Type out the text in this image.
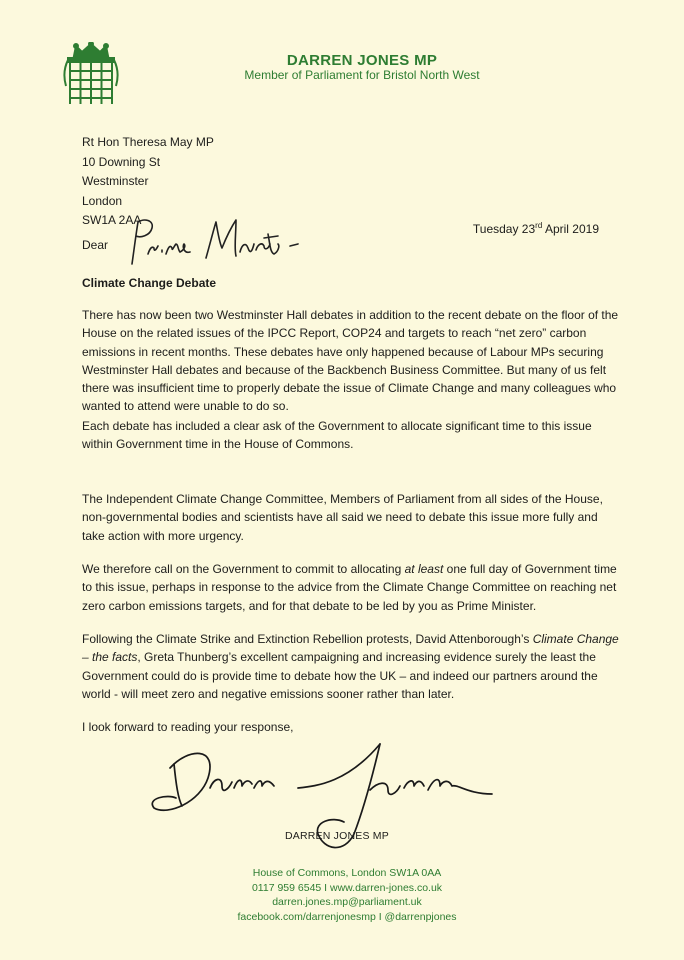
DARREN JONES MP
Member of Parliament for Bristol North West
Rt Hon Theresa May MP
10 Downing St
Westminster
London
SW1A 2AA
Tuesday 23rd April 2019
Dear
Climate Change Debate
There has now been two Westminster Hall debates in addition to the recent debate on the floor of the House on the related issues of the IPCC Report, COP24 and targets to reach “net zero” carbon emissions in recent months. These debates have only happened because of Labour MPs securing Westminster Hall debates and because of the Backbench Business Committee. But many of us felt there was insufficient time to properly debate the issue of Climate Change and many colleagues who wanted to attend were unable to do so.
Each debate has included a clear ask of the Government to allocate significant time to this issue within Government time in the House of Commons.
The Independent Climate Change Committee, Members of Parliament from all sides of the House, non-governmental bodies and scientists have all said we need to debate this issue more fully and take action with more urgency.
We therefore call on the Government to commit to allocating at least one full day of Government time to this issue, perhaps in response to the advice from the Climate Change Committee on reaching net zero carbon emissions targets, and for that debate to be led by you as Prime Minister.
Following the Climate Strike and Extinction Rebellion protests, David Attenborough’s Climate Change – the facts, Greta Thunberg’s excellent campaigning and increasing evidence surely the least the Government could do is provide time to debate how the UK – and indeed our partners around the world - will meet zero and negative emissions sooner rather than later.
I look forward to reading your response,
DARREN JONES MP
House of Commons, London SW1A 0AA
0117 959 6545 I www.darren-jones.co.uk
darren.jones.mp@parliament.uk
facebook.com/darrenjonesmp I @darrenpjones
